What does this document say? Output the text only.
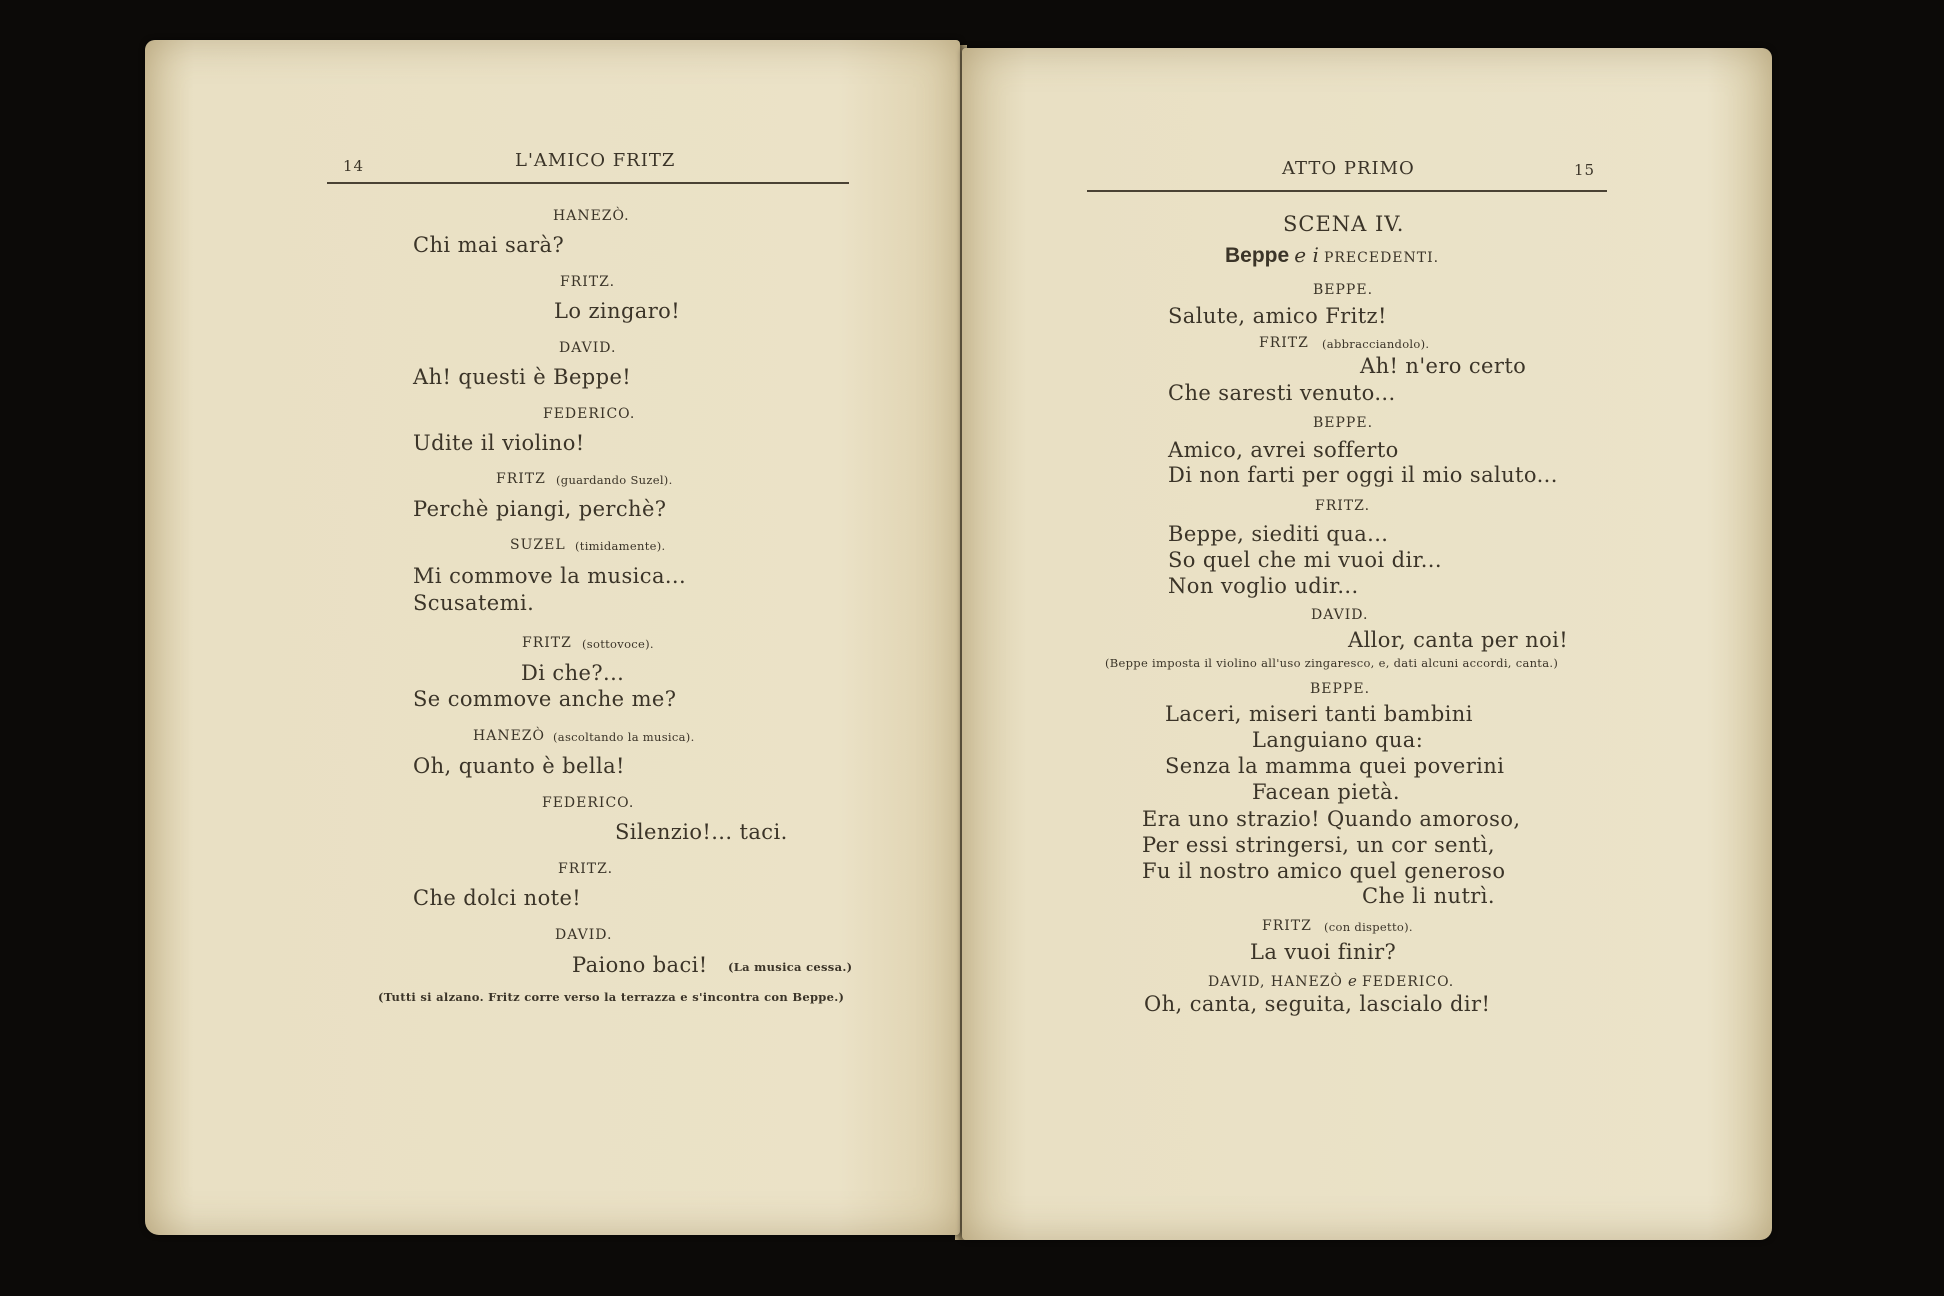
14	L'AMICO FRITZ
HANEZÒ.
Chi mai sarà?
FRITZ.
Lo zingaro!
DAVID.
Ah! questi è Beppe!
FEDERICO.
Udite il violino!
FRITZ (guardando Suzel).
Perchè piangi, perchè?
SUZEL (timidamente).
Mi commove la musica...
Scusatemi.
FRITZ (sottovoce).
Di che?...
Se commove anche me?
HANEZÒ (ascoltando la musica).
Oh, quanto è bella!
FEDERICO.
Silenzio!... taci.
FRITZ.
Che dolci note!
DAVID.
Paiono baci! (La musica cessa.)
(Tutti si alzano. Fritz corre verso la terrazza e s'incontra con Beppe.)
ATTO PRIMO	15
SCENA IV.
Beppe e i PRECEDENTI.
BEPPE.
Salute, amico Fritz!
FRITZ (abbracciandolo).
Ah! n'ero certo
Che saresti venuto...
BEPPE.
Amico, avrei sofferto
Di non farti per oggi il mio saluto...
FRITZ.
Beppe, siediti qua...
So quel che mi vuoi dir...
Non voglio udir...
DAVID.
Allor, canta per noi!
(Beppe imposta il violino all'uso zingaresco, e, dati alcuni accordi, canta.)
BEPPE.
Laceri, miseri tanti bambini
Languiano qua:
Senza la mamma quei poverini
Facean pietà.
Era uno strazio! Quando amoroso,
Per essi stringersi, un cor sentì,
Fu il nostro amico quel generoso
Che li nutrì.
FRITZ (con dispetto).
La vuoi finir?
DAVID, HANEZÒ e FEDERICO.
Oh, canta, seguita, lascialo dir!
